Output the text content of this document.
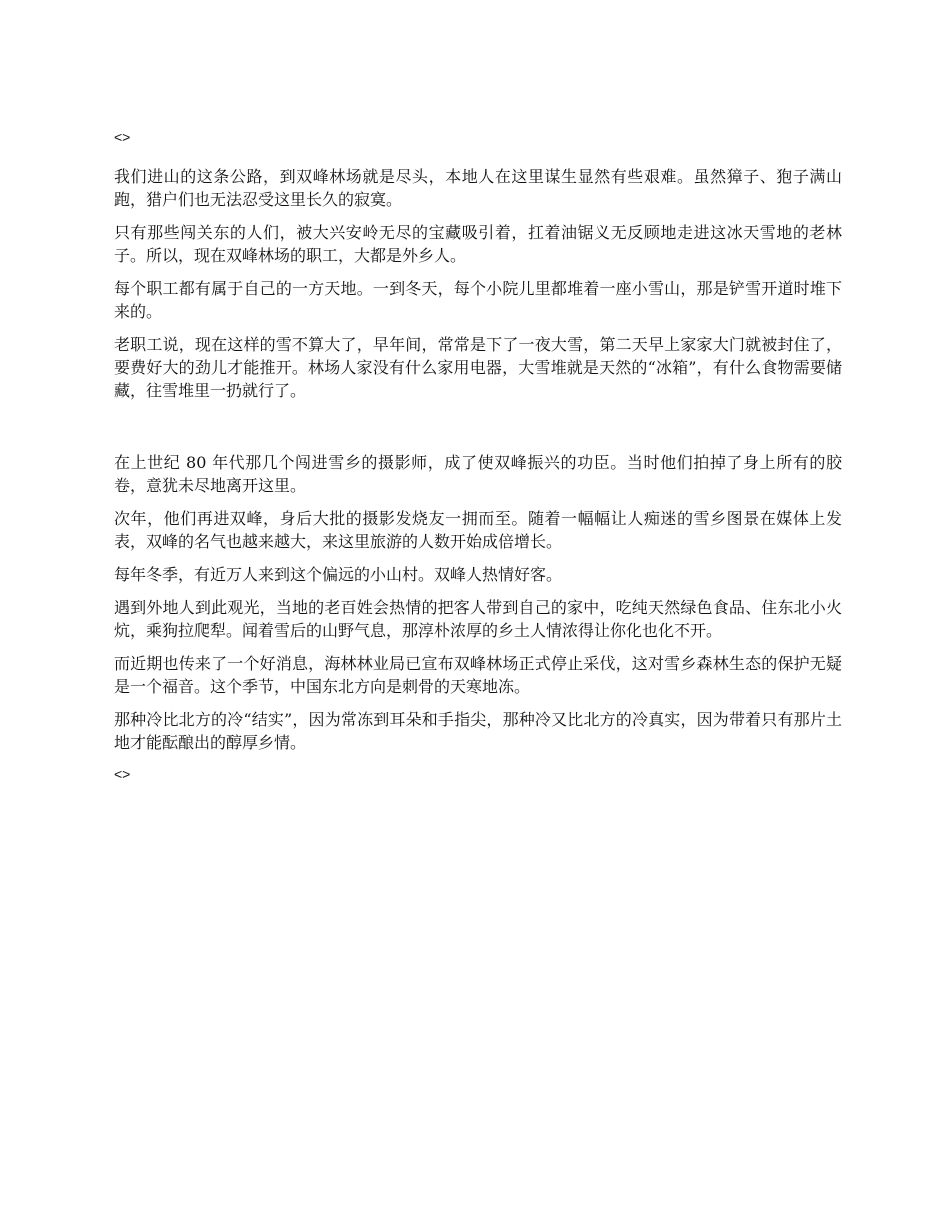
<>

我们进山的这条公路，到双峰林场就是尽头，本地人在这里谋生显然有些艰难。虽然獐子、狍子满山跑，猎户们也无法忍受这里长久的寂寞。

只有那些闯关东的人们，被大兴安岭无尽的宝藏吸引着，扛着油锯义无反顾地走进这冰天雪地的老林子。所以，现在双峰林场的职工，大都是外乡人。

每个职工都有属于自己的一方天地。一到冬天，每个小院儿里都堆着一座小雪山，那是铲雪开道时堆下来的。

老职工说，现在这样的雪不算大了，早年间，常常是下了一夜大雪，第二天早上家家大门就被封住了，要费好大的劲儿才能推开。林场人家没有什么家用电器，大雪堆就是天然的“冰箱”，有什么食物需要储藏，往雪堆里一扔就行了。

在上世纪 80 年代那几个闯进雪乡的摄影师，成了使双峰振兴的功臣。当时他们拍掉了身上所有的胶卷，意犹未尽地离开这里。

次年，他们再进双峰，身后大批的摄影发烧友一拥而至。随着一幅幅让人痴迷的雪乡图景在媒体上发表，双峰的名气也越来越大，来这里旅游的人数开始成倍增长。

每年冬季，有近万人来到这个偏远的小山村。双峰人热情好客。

遇到外地人到此观光，当地的老百姓会热情的把客人带到自己的家中，吃纯天然绿色食品、住东北小火炕，乘狗拉爬犁。闻着雪后的山野气息，那淳朴浓厚的乡土人情浓得让你化也化不开。

而近期也传来了一个好消息，海林林业局已宣布双峰林场正式停止采伐，这对雪乡森林生态的保护无疑是一个福音。这个季节，中国东北方向是刺骨的天寒地冻。

那种冷比北方的冷“结实”，因为常冻到耳朵和手指尖，那种冷又比北方的冷真实，因为带着只有那片土地才能酝酿出的醇厚乡情。

<>
